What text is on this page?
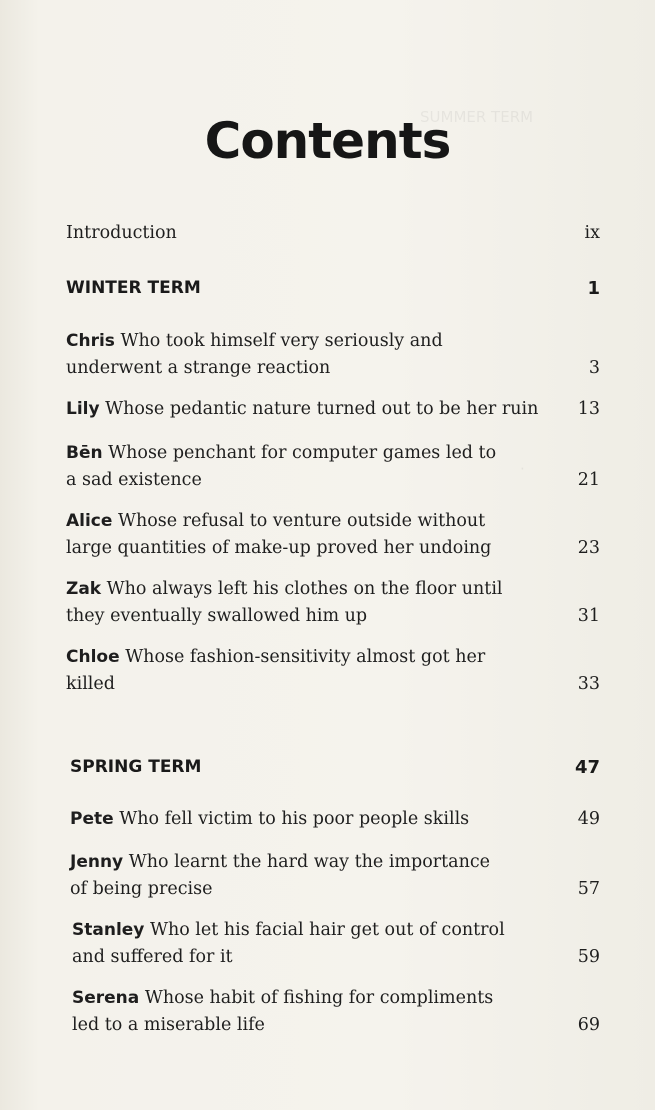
SUMMER TERM
·
Contents
Introduction	ix
WINTER TERM	1
Chris Who took himself very seriously and
underwent a strange reaction	3
Lily Whose pedantic nature turned out to be her ruin 13
Bēn Whose penchant for computer games led to
a sad existence	21
Alice Whose refusal to venture outside without
large quantities of make-up proved her undoing	23
Zak Who always left his clothes on the floor until
they eventually swallowed him up	31
Chloe Whose fashion-sensitivity almost got her
killed	33
SPRING TERM	47
Pete Who fell victim to his poor people skills	49
Jenny Who learnt the hard way the importance
of being precise	57
Stanley Who let his facial hair get out of control
and suffered for it	59
Serena Whose habit of fishing for compliments
led to a miserable life	69
